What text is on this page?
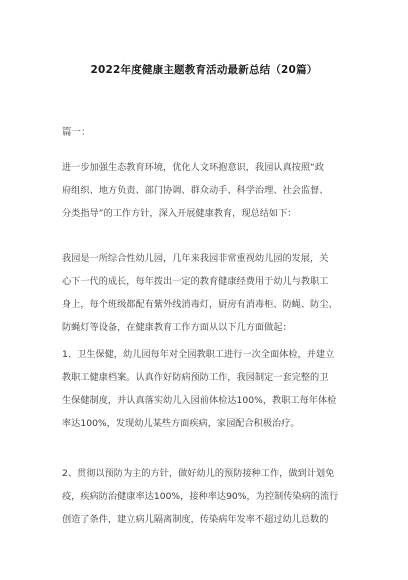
2022年度健康主题教育活动最新总结（20篇）
篇一：
进一步加强生态教育环境，优化人文环抱意识，我园认真按照“政
府组织、地方负责、部门协调、群众动手、科学治理、社会监督、
分类指导”的工作方针，深入开展健康教育，现总结如下：
我园是一所综合性幼儿园，几年来我园非常重视幼儿园的发展，关
心下一代的成长，每年拨出一定的教育健康经费用于幼儿与教职工
身上，每个班级都配有紫外线消毒灯，厨房有消毒柜、防蝇、防尘、
防蝇灯等设备，在健康教育工作方面从以下几方面做起：
1、卫生保健，幼儿园每年对全园教职工进行一次全面体检，并建立
教职工健康档案。认真作好防病预防工作，我园制定一套完整的卫
生保健制度，并认真落实幼儿入园前体检达100%，教职工每年体检
率达100%，发现幼儿某些方面疾病，家园配合积极治疗。
2、贯彻以预防为主的方针，做好幼儿的预防接种工作，做到计划免
疫，疾病防治健康率达100%，接种率达90%，为控制传染病的流行
创造了条件，建立病儿隔离制度，传染病年发率不超过幼儿总数的
